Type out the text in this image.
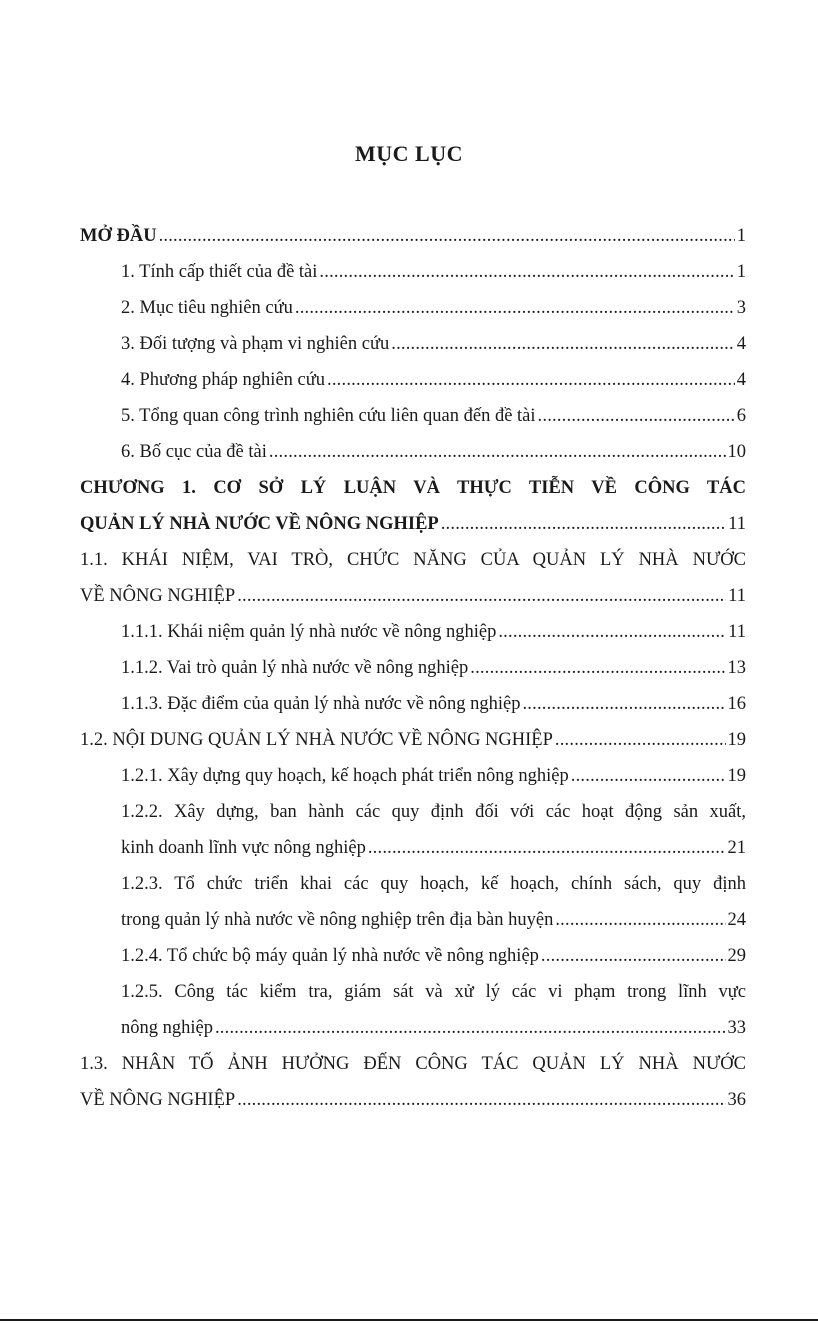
MỤC LỤC
MỞ ĐẦU .....	1
1. Tính cấp thiết của đề tài .....	1
2. Mục tiêu nghiên cứu .....	3
3. Đối tượng và phạm vi nghiên cứu .....	4
4. Phương pháp nghiên cứu .....	4
5. Tổng quan công trình nghiên cứu liên quan đến đề tài .....	6
6. Bố cục của đề tài .....	10
CHƯƠNG 1. CƠ SỞ LÝ LUẬN VÀ THỰC TIỄN VỀ CÔNG TÁC
QUẢN LÝ NHÀ NƯỚC VỀ NÔNG NGHIỆP .....	11
1.1. KHÁI NIỆM, VAI TRÒ, CHỨC NĂNG CỦA QUẢN LÝ NHÀ NƯỚC
VỀ NÔNG NGHIỆP .....	11
1.1.1. Khái niệm quản lý nhà nước về nông nghiệp .....	11
1.1.2. Vai trò quản lý nhà nước về nông nghiệp .....	13
1.1.3. Đặc điểm của quản lý nhà nước về nông nghiệp .....	16
1.2. NỘI DUNG QUẢN LÝ NHÀ NƯỚC VỀ NÔNG NGHIỆP .....	19
1.2.1. Xây dựng quy hoạch, kế hoạch phát triển nông nghiệp .....	19
1.2.2. Xây dựng, ban hành các quy định đối với các hoạt động sản xuất,
kinh doanh lĩnh vực nông nghiệp .....	21
1.2.3. Tổ chức triển khai các quy hoạch, kế hoạch, chính sách, quy định
trong quản lý nhà nước về nông nghiệp trên địa bàn huyện .....	24
1.2.4. Tổ chức bộ máy quản lý nhà nước về nông nghiệp .....	29
1.2.5. Công tác kiểm tra, giám sát và xử lý các vi phạm trong lĩnh vực
nông nghiệp .....	33
1.3. NHÂN TỐ ẢNH HƯỞNG ĐẾN CÔNG TÁC QUẢN LÝ NHÀ NƯỚC
VỀ NÔNG NGHIỆP .....	36
